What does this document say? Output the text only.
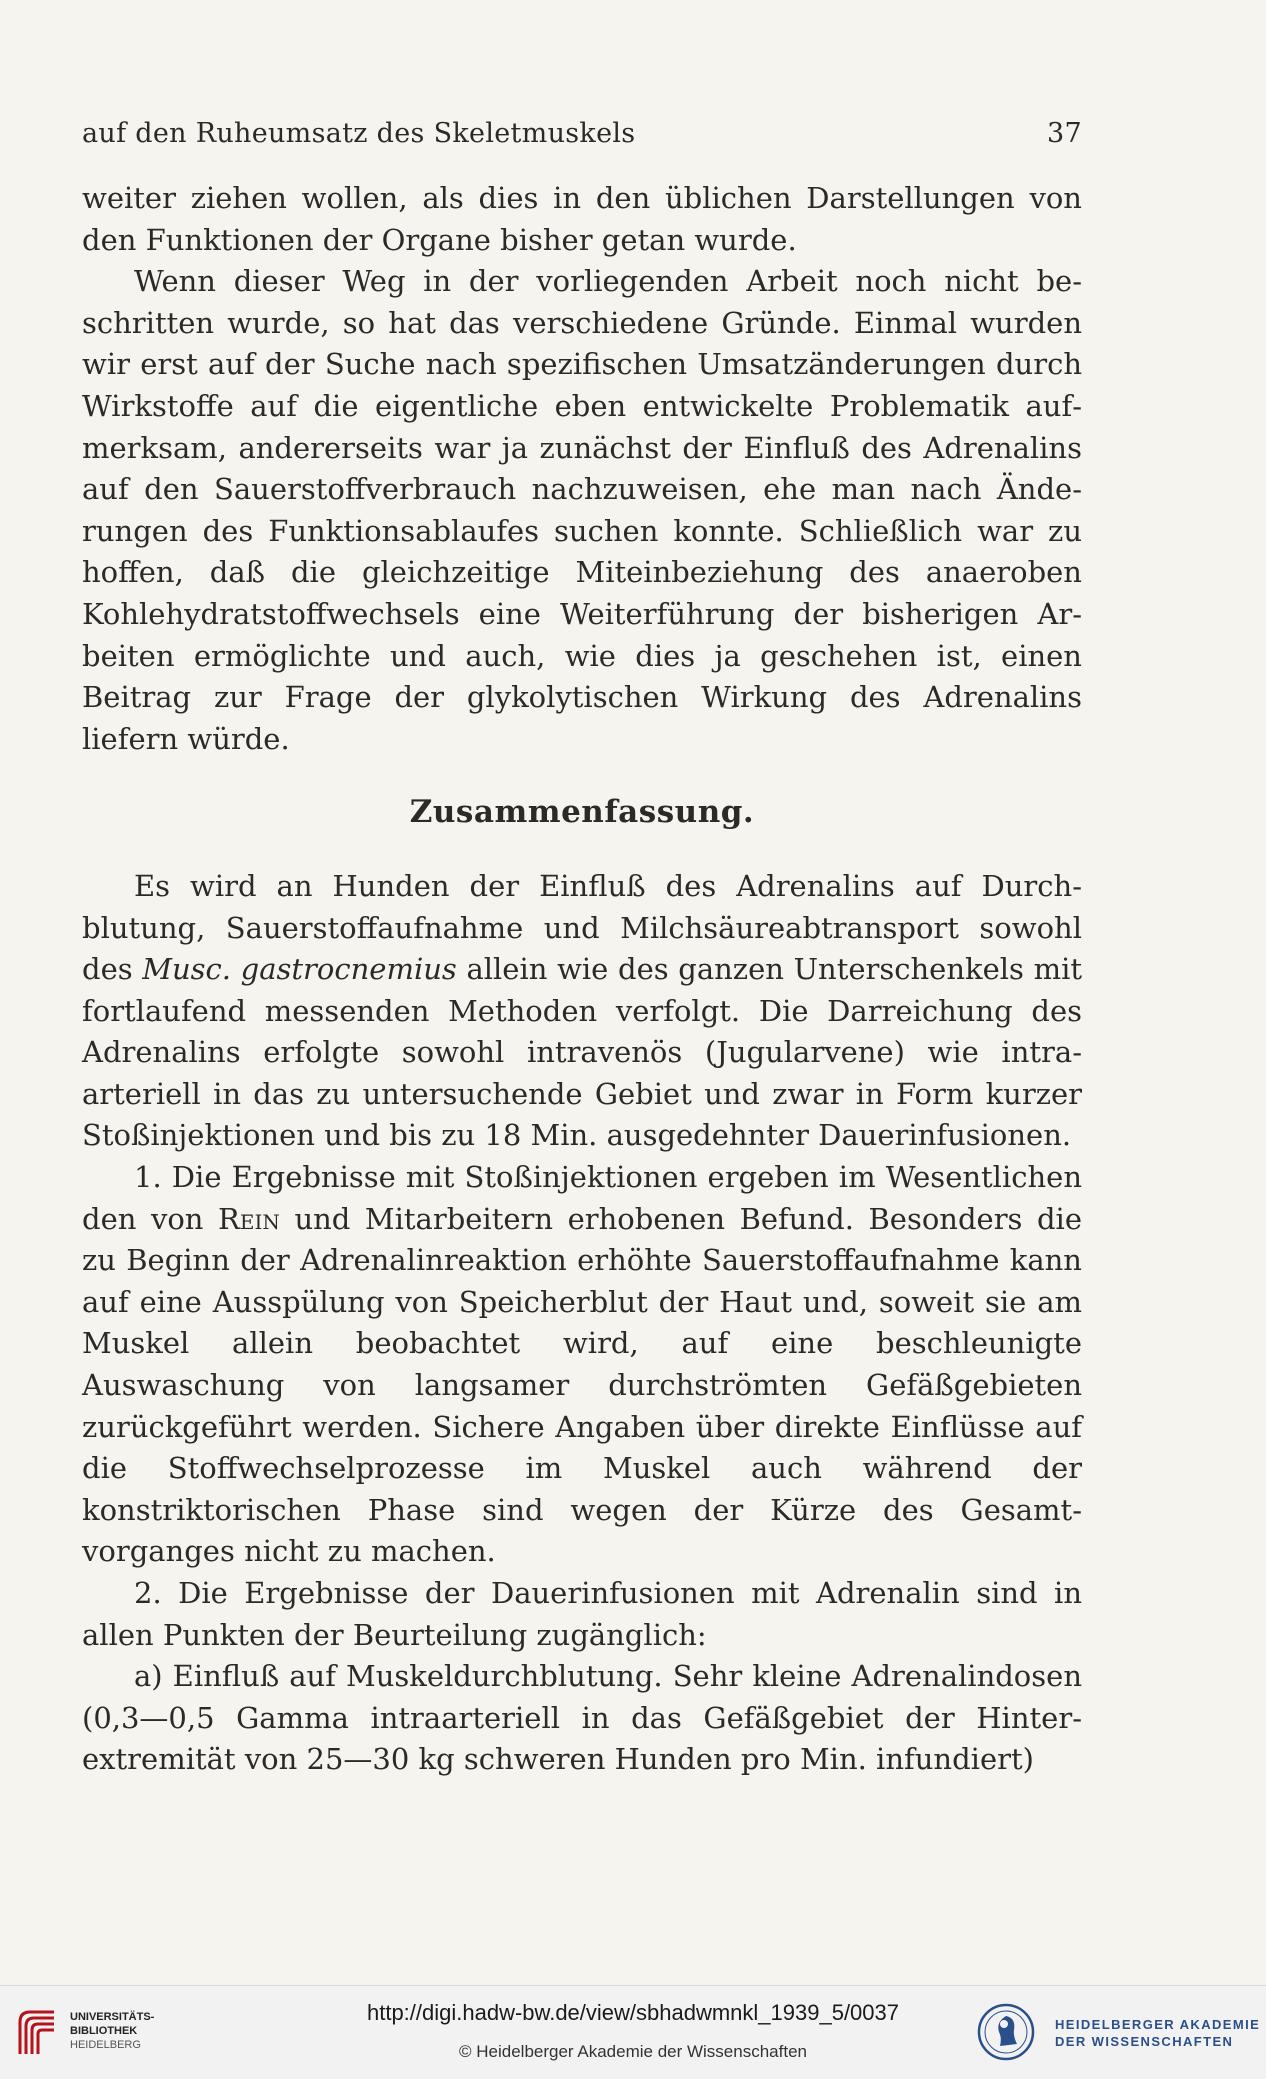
auf den Ruheumsatz des Skeletmuskels	37

weiter ziehen wollen, als dies in den üblichen Darstellungen von den Funktionen der Organe bisher getan wurde.

Wenn dieser Weg in der vorliegenden Arbeit noch nicht beschritten wurde, so hat das verschiedene Gründe. Einmal wurden wir erst auf der Suche nach spezifischen Umsatzänderungen durch Wirkstoffe auf die eigentliche eben entwickelte Problematik aufmerksam, andererseits war ja zunächst der Einfluß des Adrenalins auf den Sauerstoffverbrauch nachzuweisen, ehe man nach Änderungen des Funktionsablaufes suchen konnte. Schließlich war zu hoffen, daß die gleichzeitige Miteinbeziehung des anaeroben Kohlehydratstoffwechsels eine Weiterführung der bisherigen Arbeiten ermöglichte und auch, wie dies ja geschehen ist, einen Beitrag zur Frage der glykolytischen Wirkung des Adrenalins liefern würde.

Zusammenfassung.

Es wird an Hunden der Einfluß des Adrenalins auf Durchblutung, Sauerstoffaufnahme und Milchsäureabtransport sowohl des Musc. gastrocnemius allein wie des ganzen Unterschenkels mit fortlaufend messenden Methoden verfolgt. Die Darreichung des Adrenalins erfolgte sowohl intravenös (Jugularvene) wie intraarteriell in das zu untersuchende Gebiet und zwar in Form kurzer Stoßinjektionen und bis zu 18 Min. ausgedehnter Dauerinfusionen.

1. Die Ergebnisse mit Stoßinjektionen ergeben im Wesentlichen den von Rein und Mitarbeitern erhobenen Befund. Besonders die zu Beginn der Adrenalinreaktion erhöhte Sauerstoffaufnahme kann auf eine Ausspülung von Speicherblut der Haut und, soweit sie am Muskel allein beobachtet wird, auf eine beschleunigte Auswaschung von langsamer durchströmten Gefäßgebieten zurückgeführt werden. Sichere Angaben über direkte Einflüsse auf die Stoffwechselprozesse im Muskel auch während der konstriktorischen Phase sind wegen der Kürze des Gesamtvorganges nicht zu machen.

2. Die Ergebnisse der Dauerinfusionen mit Adrenalin sind in allen Punkten der Beurteilung zugänglich:

a) Einfluß auf Muskeldurchblutung. Sehr kleine Adrenalindosen (0,3—0,5 Gamma intraarteriell in das Gefäßgebiet der Hinterextremität von 25—30 kg schweren Hunden pro Min. infundiert)

UNIVERSITÄTS-
BIBLIOTHEK
HEIDELBERG
http://digi.hadw-bw.de/view/sbhadwmnkl_1939_5/0037
© Heidelberger Akademie der Wissenschaften
HEIDELBERGER AKADEMIE
DER WISSENSCHAFTEN
